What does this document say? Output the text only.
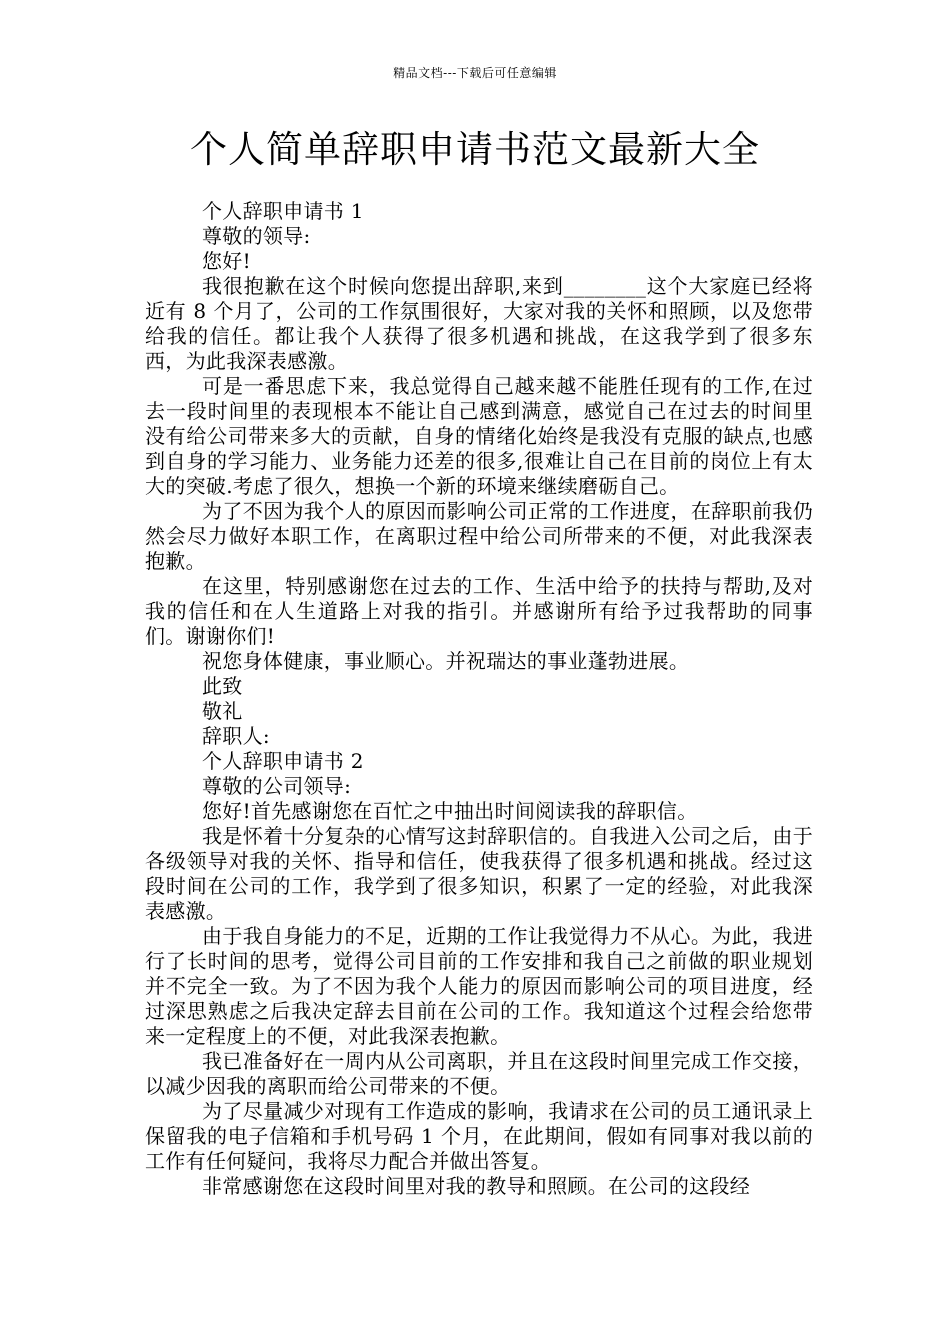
精品文档---下载后可任意编辑
个人简单辞职申请书范文最新大全

个人辞职申请书 1

尊敬的领导:

您好!

我很抱歉在这个时候向您提出辞职,来到________这个大家庭已经将近有 8 个月了，公司的工作氛围很好，大家对我的关怀和照顾，以及您带给我的信任。都让我个人获得了很多机遇和挑战，在这我学到了很多东西，为此我深表感激。

可是一番思虑下来，我总觉得自己越来越不能胜任现有的工作,在过去一段时间里的表现根本不能让自己感到满意，感觉自己在过去的时间里没有给公司带来多大的贡献，自身的情绪化始终是我没有克服的缺点,也感到自身的学习能力、业务能力还差的很多,很难让自己在目前的岗位上有太大的突破.考虑了很久，想换一个新的环境来继续磨砺自己。

为了不因为我个人的原因而影响公司正常的工作进度，在辞职前我仍然会尽力做好本职工作，在离职过程中给公司所带来的不便，对此我深表抱歉。

在这里，特别感谢您在过去的工作、生活中给予的扶持与帮助,及对我的信任和在人生道路上对我的指引。并感谢所有给予过我帮助的同事们。谢谢你们!

祝您身体健康，事业顺心。并祝瑞达的事业蓬勃进展。

此致

敬礼

辞职人:

个人辞职申请书 2

尊敬的公司领导:

您好!首先感谢您在百忙之中抽出时间阅读我的辞职信。

我是怀着十分复杂的心情写这封辞职信的。自我进入公司之后，由于各级领导对我的关怀、指导和信任，使我获得了很多机遇和挑战。经过这段时间在公司的工作，我学到了很多知识，积累了一定的经验，对此我深表感激。

由于我自身能力的不足，近期的工作让我觉得力不从心。为此，我进行了长时间的思考，觉得公司目前的工作安排和我自己之前做的职业规划并不完全一致。为了不因为我个人能力的原因而影响公司的项目进度，经过深思熟虑之后我决定辞去目前在公司的工作。我知道这个过程会给您带来一定程度上的不便，对此我深表抱歉。

我已准备好在一周内从公司离职，并且在这段时间里完成工作交接，以减少因我的离职而给公司带来的不便。

为了尽量减少对现有工作造成的影响，我请求在公司的员工通讯录上保留我的电子信箱和手机号码 1 个月，在此期间，假如有同事对我以前的工作有任何疑问，我将尽力配合并做出答复。

非常感谢您在这段时间里对我的教导和照顾。在公司的这段经
